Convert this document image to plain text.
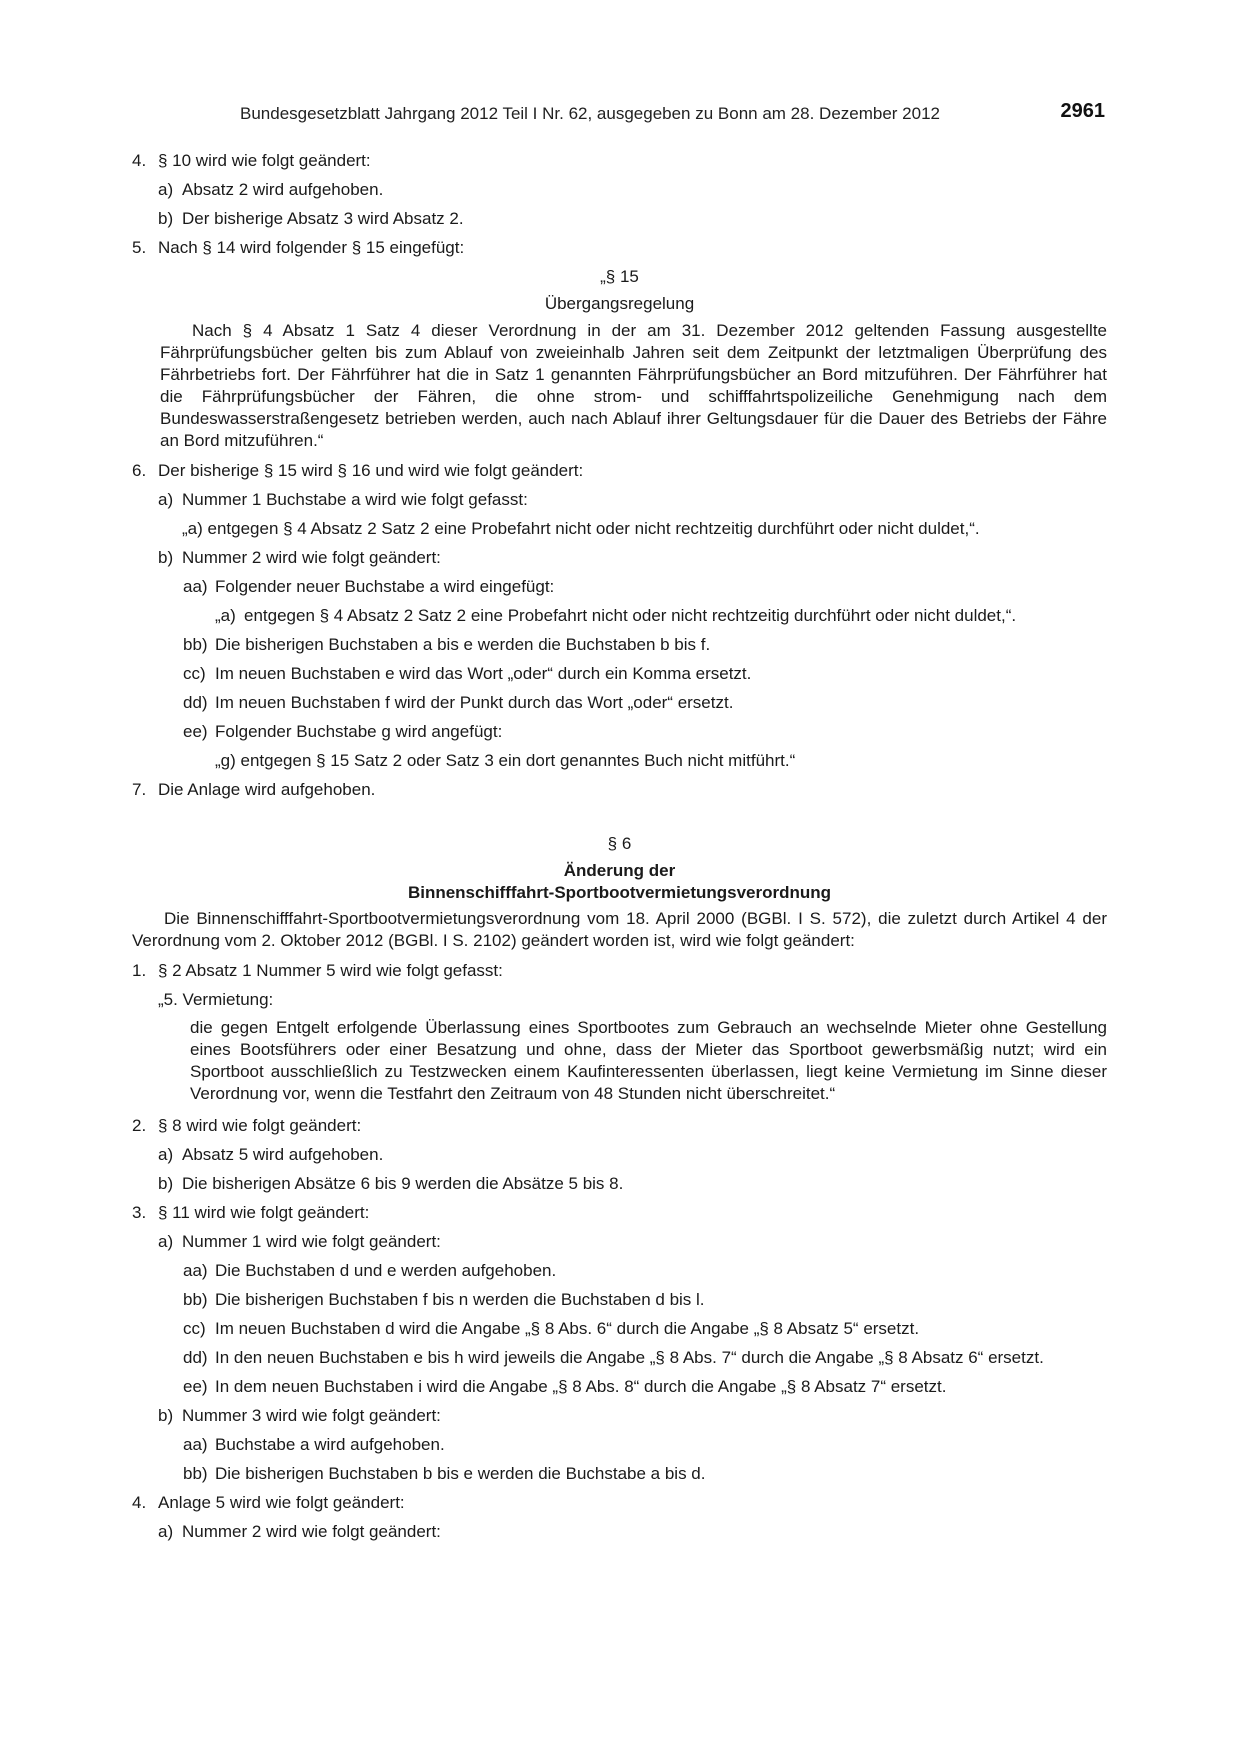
Bundesgesetzblatt Jahrgang 2012 Teil I Nr. 62, ausgegeben zu Bonn am 28. Dezember 2012	2961
4. § 10 wird wie folgt geändert:
a) Absatz 2 wird aufgehoben.
b) Der bisherige Absatz 3 wird Absatz 2.
5. Nach § 14 wird folgender § 15 eingefügt:
„§ 15
Übergangsregelung
Nach § 4 Absatz 1 Satz 4 dieser Verordnung in der am 31. Dezember 2012 geltenden Fassung ausgestellte Fährprüfungsbücher gelten bis zum Ablauf von zweieinhalb Jahren seit dem Zeitpunkt der letztmaligen Überprüfung des Fährbetriebs fort. Der Fährführer hat die in Satz 1 genannten Fährprüfungsbücher an Bord mitzuführen. Der Fährführer hat die Fährprüfungsbücher der Fähren, die ohne strom- und schifffahrtspolizeiliche Genehmigung nach dem Bundeswasserstraßengesetz betrieben werden, auch nach Ablauf ihrer Geltungsdauer für die Dauer des Betriebs der Fähre an Bord mitzuführen.“
6. Der bisherige § 15 wird § 16 und wird wie folgt geändert:
a) Nummer 1 Buchstabe a wird wie folgt gefasst:
„a) entgegen § 4 Absatz 2 Satz 2 eine Probefahrt nicht oder nicht rechtzeitig durchführt oder nicht duldet,“.
b) Nummer 2 wird wie folgt geändert:
aa) Folgender neuer Buchstabe a wird eingefügt:
„a) entgegen § 4 Absatz 2 Satz 2 eine Probefahrt nicht oder nicht rechtzeitig durchführt oder nicht duldet,“.
bb) Die bisherigen Buchstaben a bis e werden die Buchstaben b bis f.
cc) Im neuen Buchstaben e wird das Wort „oder“ durch ein Komma ersetzt.
dd) Im neuen Buchstaben f wird der Punkt durch das Wort „oder“ ersetzt.
ee) Folgender Buchstabe g wird angefügt:
„g) entgegen § 15 Satz 2 oder Satz 3 ein dort genanntes Buch nicht mitführt.“
7. Die Anlage wird aufgehoben.
§ 6
Änderung der
Binnenschifffahrt-Sportbootvermietungsverordnung
Die Binnenschifffahrt-Sportbootvermietungsverordnung vom 18. April 2000 (BGBl. I S. 572), die zuletzt durch Artikel 4 der Verordnung vom 2. Oktober 2012 (BGBl. I S. 2102) geändert worden ist, wird wie folgt geändert:
1. § 2 Absatz 1 Nummer 5 wird wie folgt gefasst:
„5. Vermietung:
die gegen Entgelt erfolgende Überlassung eines Sportbootes zum Gebrauch an wechselnde Mieter ohne Gestellung eines Bootsführers oder einer Besatzung und ohne, dass der Mieter das Sportboot gewerbsmäßig nutzt; wird ein Sportboot ausschließlich zu Testzwecken einem Kaufinteressenten überlassen, liegt keine Vermietung im Sinne dieser Verordnung vor, wenn die Testfahrt den Zeitraum von 48 Stunden nicht überschreitet.“
2. § 8 wird wie folgt geändert:
a) Absatz 5 wird aufgehoben.
b) Die bisherigen Absätze 6 bis 9 werden die Absätze 5 bis 8.
3. § 11 wird wie folgt geändert:
a) Nummer 1 wird wie folgt geändert:
aa) Die Buchstaben d und e werden aufgehoben.
bb) Die bisherigen Buchstaben f bis n werden die Buchstaben d bis l.
cc) Im neuen Buchstaben d wird die Angabe „§ 8 Abs. 6“ durch die Angabe „§ 8 Absatz 5“ ersetzt.
dd) In den neuen Buchstaben e bis h wird jeweils die Angabe „§ 8 Abs. 7“ durch die Angabe „§ 8 Absatz 6“ ersetzt.
ee) In dem neuen Buchstaben i wird die Angabe „§ 8 Abs. 8“ durch die Angabe „§ 8 Absatz 7“ ersetzt.
b) Nummer 3 wird wie folgt geändert:
aa) Buchstabe a wird aufgehoben.
bb) Die bisherigen Buchstaben b bis e werden die Buchstabe a bis d.
4. Anlage 5 wird wie folgt geändert:
a) Nummer 2 wird wie folgt geändert:
